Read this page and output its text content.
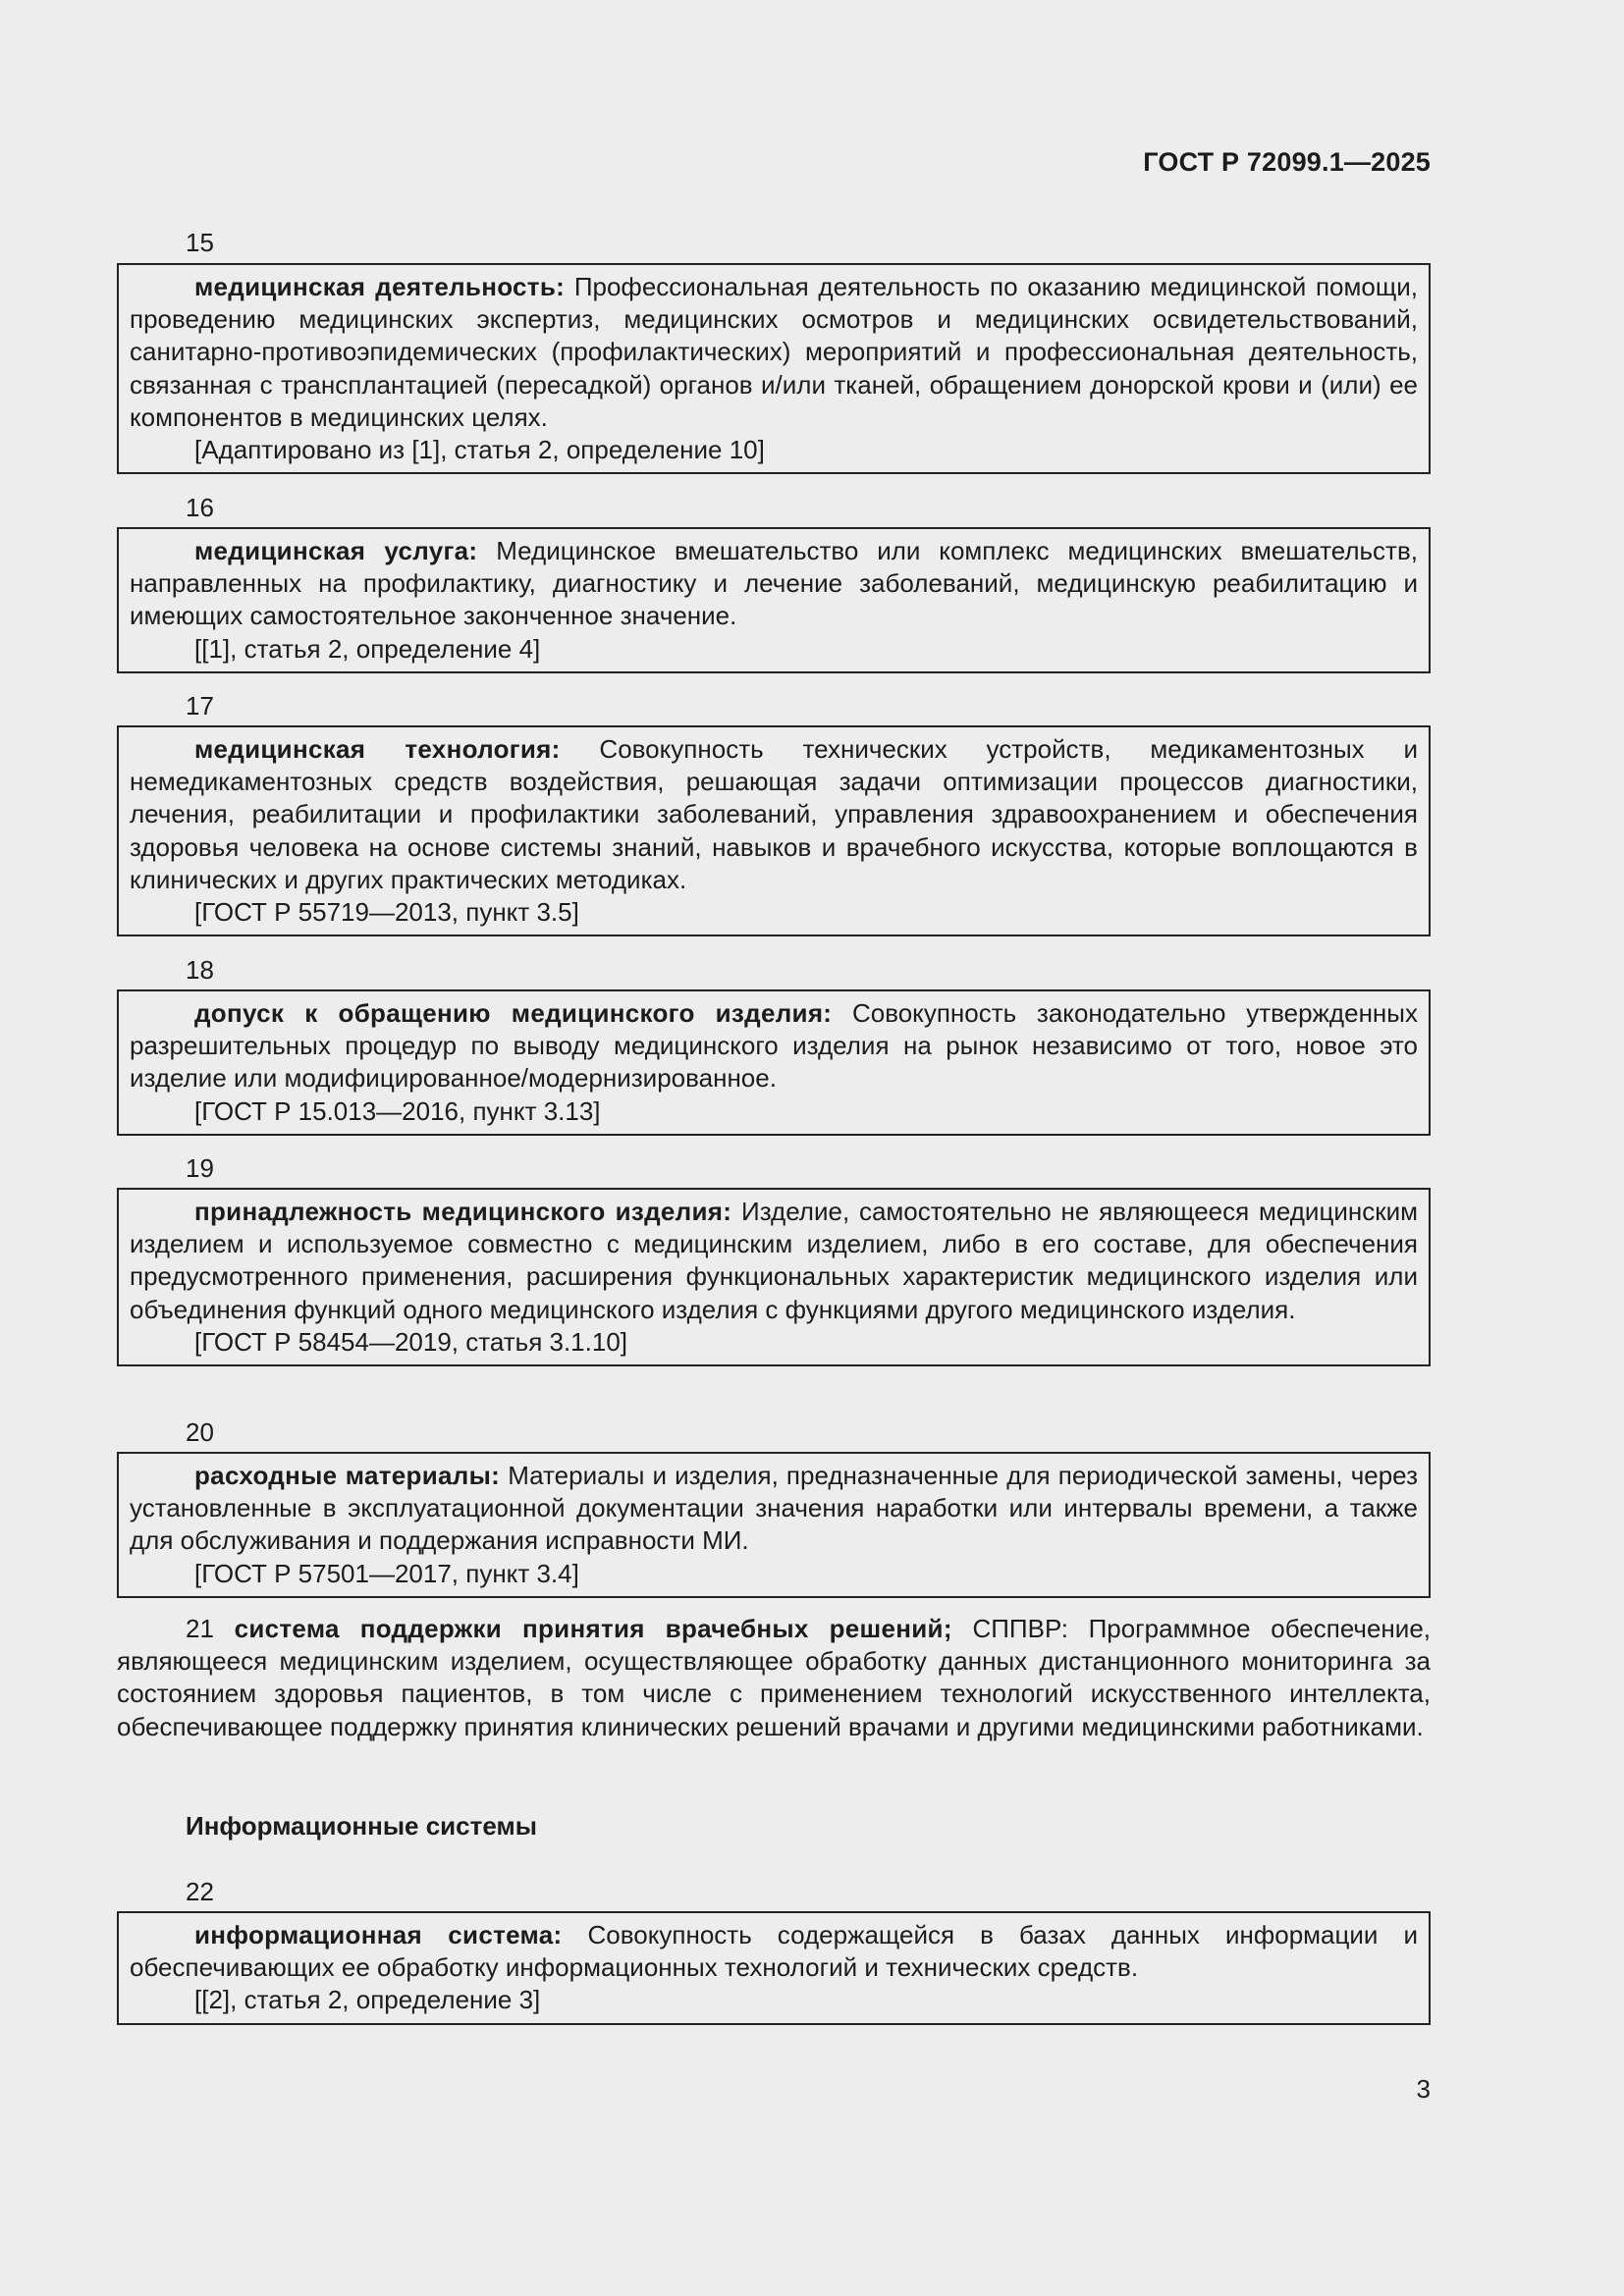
ГОСТ Р 72099.1—2025
15

медицинская деятельность: Профессиональная деятельность по оказанию медицинской помощи, проведению медицинских экспертиз, медицинских осмотров и медицинских освидетельствований, санитарно-противоэпидемических (профилактических) мероприятий и профессиональная деятельность, связанная с трансплантацией (пересадкой) органов и/или тканей, обращением донорской крови и (или) ее компонентов в медицинских целях.

[Адаптировано из [1], статья 2, определение 10]

16

медицинская услуга: Медицинское вмешательство или комплекс медицинских вмешательств, направленных на профилактику, диагностику и лечение заболеваний, медицинскую реабилитацию и имеющих самостоятельное законченное значение.

[[1], статья 2, определение 4]

17

медицинская технология: Совокупность технических устройств, медикаментозных и немедикаментозных средств воздействия, решающая задачи оптимизации процессов диагностики, лечения, реабилитации и профилактики заболеваний, управления здравоохранением и обеспечения здоровья человека на основе системы знаний, навыков и врачебного искусства, которые воплощаются в клинических и других практических методиках.

[ГОСТ Р 55719—2013, пункт 3.5]

18

допуск к обращению медицинского изделия: Совокупность законодательно утвержденных разрешительных процедур по выводу медицинского изделия на рынок независимо от того, новое это изделие или модифицированное/модернизированное.

[ГОСТ Р 15.013—2016, пункт 3.13]

19

принадлежность медицинского изделия: Изделие, самостоятельно не являющееся медицинским изделием и используемое совместно с медицинским изделием, либо в его составе, для обеспечения предусмотренного применения, расширения функциональных характеристик медицинского изделия или объединения функций одного медицинского изделия с функциями другого медицинского изделия.

[ГОСТ Р 58454—2019, статья 3.1.10]

20

расходные материалы: Материалы и изделия, предназначенные для периодической замены, через установленные в эксплуатационной документации значения наработки или интервалы времени, а также для обслуживания и поддержания исправности МИ.

[ГОСТ Р 57501—2017, пункт 3.4]

21 система поддержки принятия врачебных решений; СППВР: Программное обеспечение, являющееся медицинским изделием, осуществляющее обработку данных дистанционного мониторинга за состоянием здоровья пациентов, в том числе с применением технологий искусственного интеллекта, обеспечивающее поддержку принятия клинических решений врачами и другими медицинскими работниками.

Информационные системы
22

информационная система: Совокупность содержащейся в базах данных информации и обеспечивающих ее обработку информационных технологий и технических средств.

[[2], статья 2, определение 3]

3
